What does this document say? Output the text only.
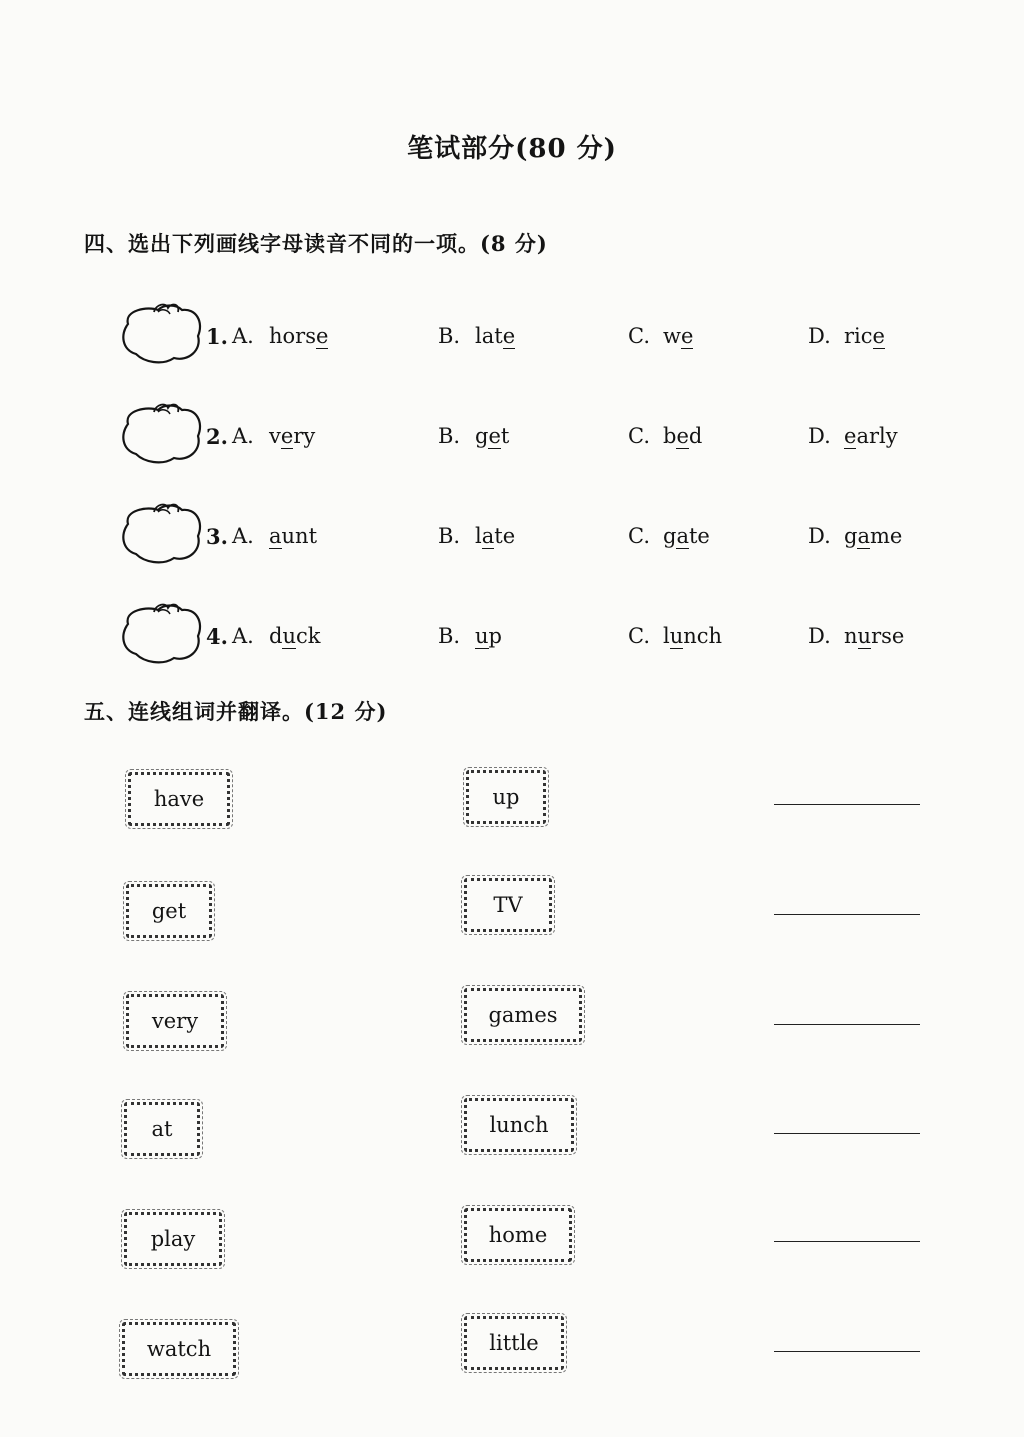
笔试部分(80 分)
四、选出下列画线字母读音不同的一项。(8 分)
1. A. horse	B. late	C. we	D. rice
2. A. very	B. get	C. bed	D. early
3. A. aunt	B. late	C. gate	D. game
4. A. duck	B. up	C. lunch	D. nurse
五、连线组词并翻译。(12 分)
have
get
very
at
play
watch
up
TV
games
lunch
home
little
